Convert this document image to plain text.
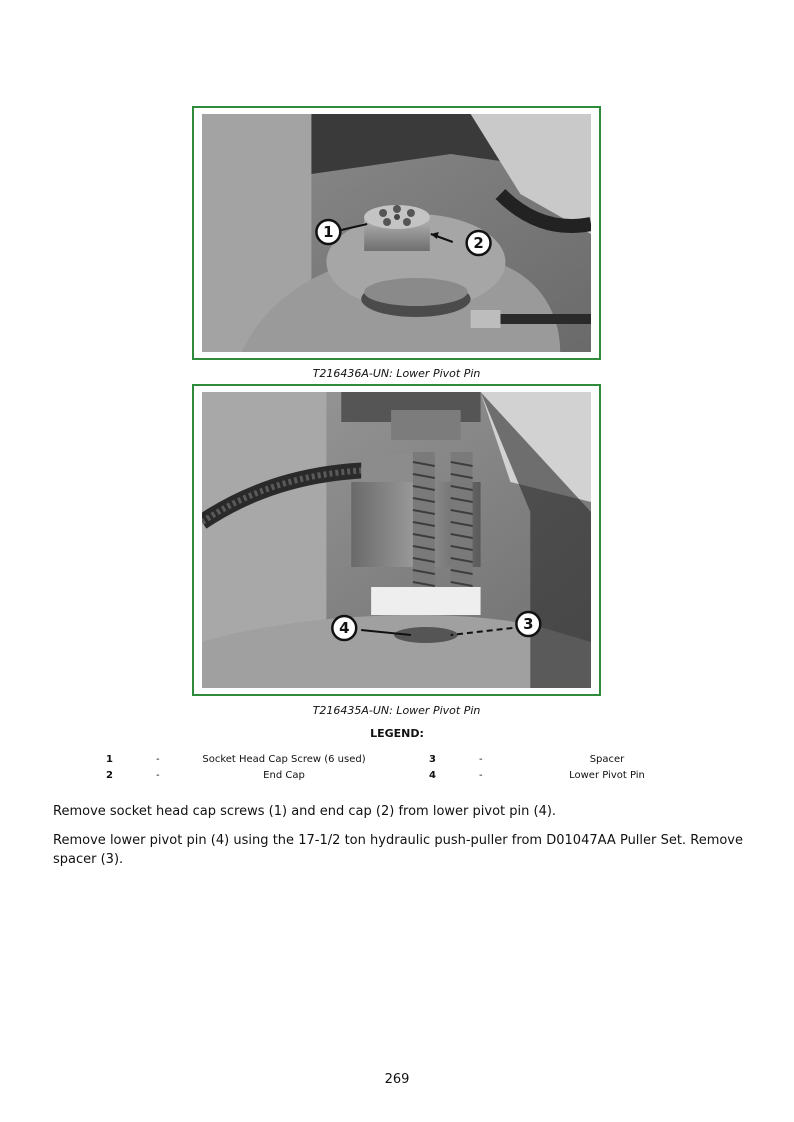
1
2
T216436A-UN: Lower Pivot Pin
4	3
T216435A-UN: Lower Pivot Pin
LEGEND:
1	-	Socket Head Cap Screw (6 used)	3	-	Spacer
2	-	End Cap	4	-	Lower Pivot Pin

Remove socket head cap screws (1) and end cap (2) from lower pivot pin (4).

Remove lower pivot pin (4) using the 17-1/2 ton hydraulic push-puller from D01047AA Puller Set. Remove spacer (3).

269
